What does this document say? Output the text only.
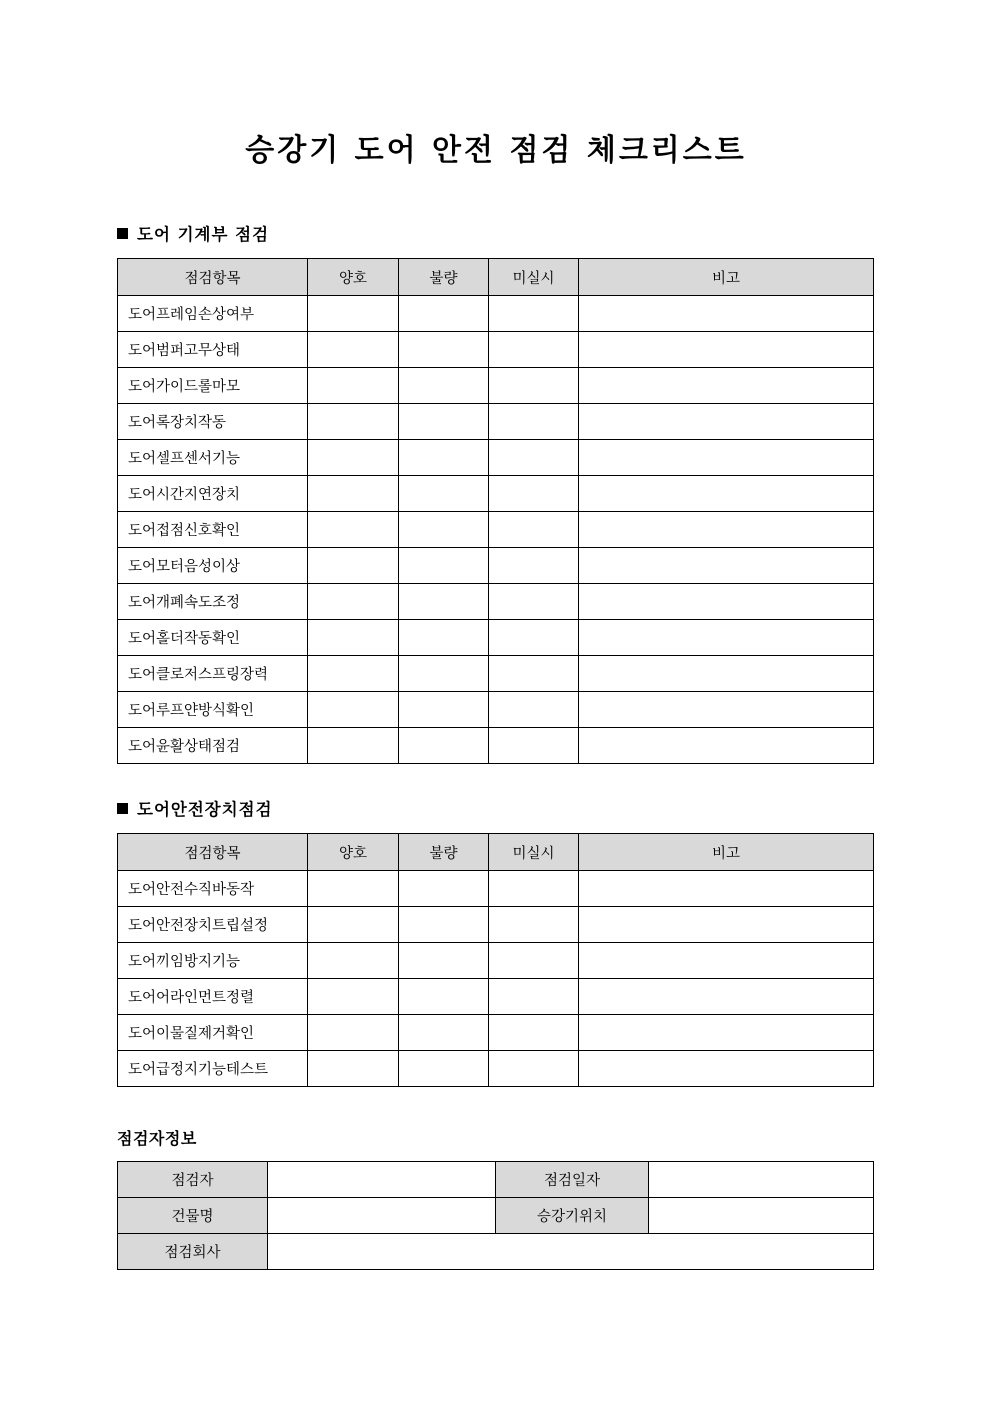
승강기 도어 안전 점검 체크리스트
도어 기계부 점검
점검항목	양호	불량	미실시	비고
도어프레임손상여부				
도어범퍼고무상태				
도어가이드롤마모				
도어록장치작동				
도어셀프센서기능				
도어시간지연장치				
도어접점신호확인				
도어모터음성이상				
도어개폐속도조정				
도어홀더작동확인				
도어클로저스프링장력				
도어루프얀방식확인				
도어윤활상태점검				
도어안전장치점검
점검항목	양호	불량	미실시	비고
도어안전수직바동작				
도어안전장치트립설정				
도어끼임방지기능				
도어어라인먼트정렬				
도어이물질제거확인				
도어급정지기능테스트				
점검자정보
점검자		점검일자	
건물명		승강기위치	
점검회사			
